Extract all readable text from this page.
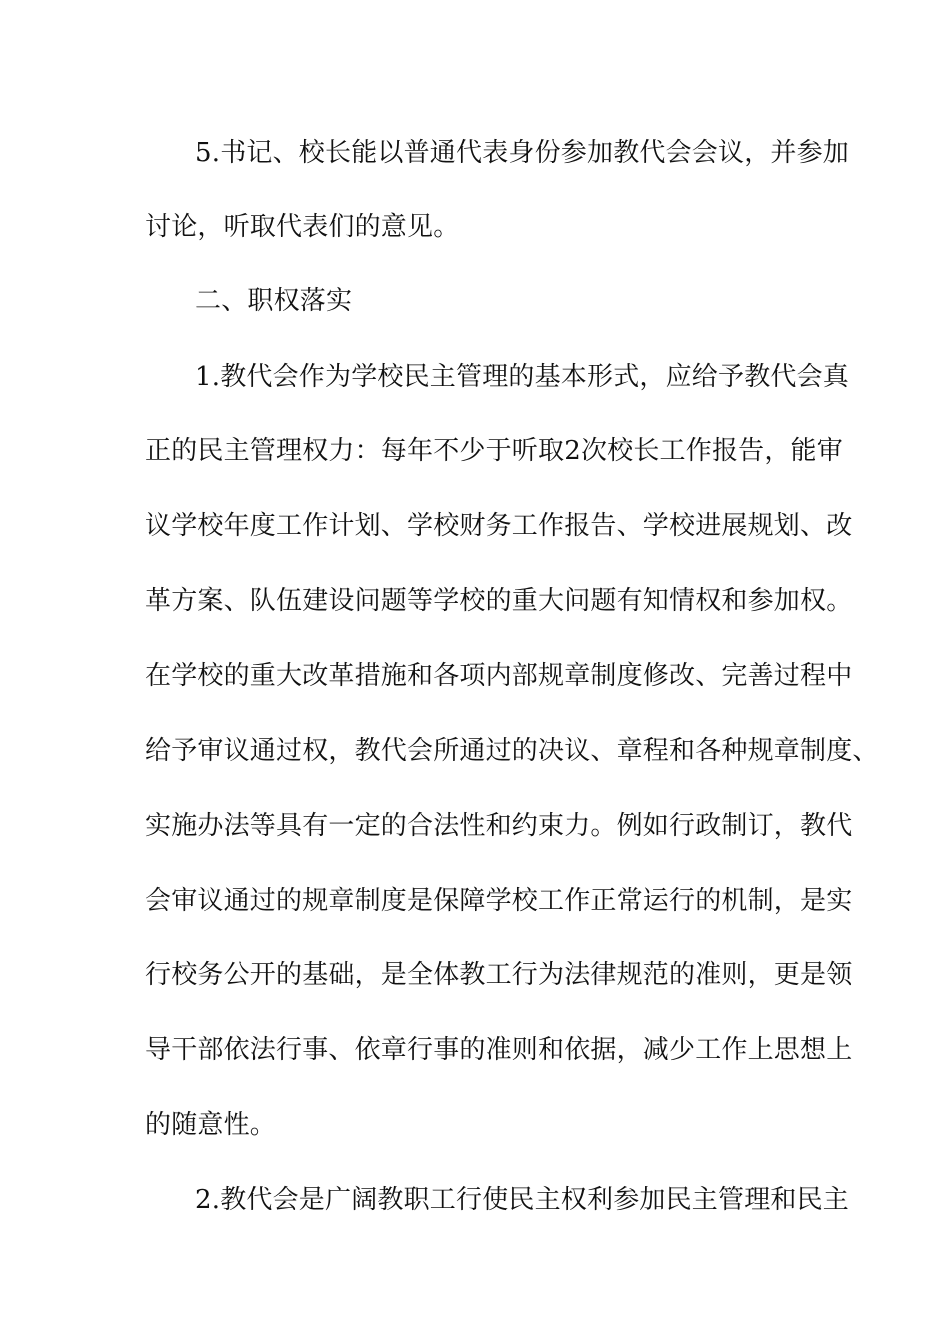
5.书记、校长能以普通代表身份参加教代会会议，并参加
讨论，听取代表们的意见。
二、职权落实
1.教代会作为学校民主管理的基本形式，应给予教代会真
正的民主管理权力：每年不少于听取2次校长工作报告，能审
议学校年度工作计划、学校财务工作报告、学校进展规划、改
革方案、队伍建设问题等学校的重大问题有知情权和参加权。
在学校的重大改革措施和各项内部规章制度修改、完善过程中
给予审议通过权，教代会所通过的决议、章程和各种规章制度、
实施办法等具有一定的合法性和约束力。例如行政制订，教代
会审议通过的规章制度是保障学校工作正常运行的机制，是实
行校务公开的基础，是全体教工行为法律规范的准则，更是领
导干部依法行事、依章行事的准则和依据，减少工作上思想上
的随意性。
2.教代会是广阔教职工行使民主权利参加民主管理和民主
